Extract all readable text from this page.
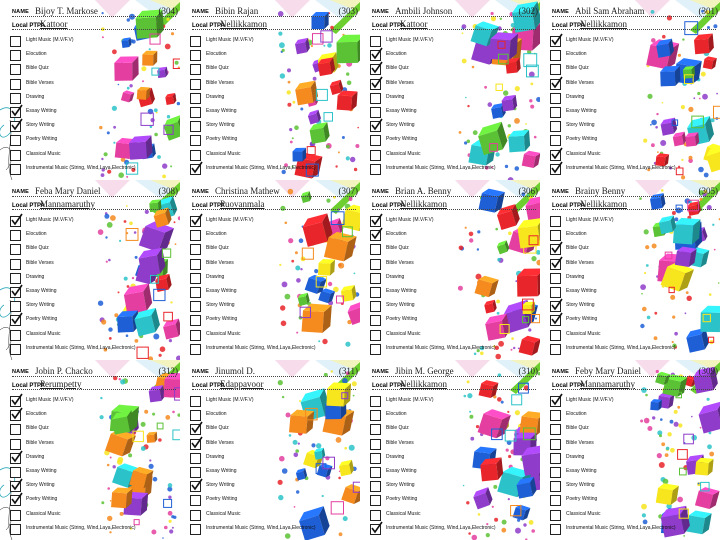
NAME Bijoy T. Markose	(304)
Local PTPA
Kattoor
Light Music (M.V/F.V)
Elocution
Bible Quiz
Bible Verses
Drawing
Essay Writing
Story Writing
Poetry Writing
Classical Music
Instrumental Music (String, Wind,Laya,Electronic)
NAME Bibin Rajan	(303)
Local PTPA
Nellikkamon
Light Music (M.V/F.V)
Elocution
Bible Quiz
Bible Verses
Drawing
Essay Writing
Story Writing
Poetry Writing
Classical Music
Instrumental Music (String, Wind,Laya,Electronic)
NAME Ambili Johnson	(302)
Local PTPA
Kattoor
Light Music (M.V/F.V)
Elocution
Bible Quiz
Bible Verses
Drawing
Essay Writing
Story Writing
Poetry Writing
Classical Music
Instrumental Music (String, Wind,Laya,Electronic)
NAME Abil Sam Abraham	(301)
Local PTPA
Nellikkamon
Light Music (M.V/F.V)
Elocution
Bible Quiz
Bible Verses
Drawing
Essay Writing
Story Writing
Poetry Writing
Classical Music
Instrumental Music (String, Wind,Laya,Electronic)
NAME Feba Mary Daniel	(308)
Local PTPA
Mannamaruthy
Light Music (M.V/F.V)
Elocution
Bible Quiz
Bible Verses
Drawing
Essay Writing
Story Writing
Poetry Writing
Classical Music
Instrumental Music (String, Wind,Laya,Electronic)
NAME Christina Mathew	(307)
Local PTPA
Puovanmala
Light Music (M.V/F.V)
Elocution
Bible Quiz
Bible Verses
Drawing
Essay Writing
Story Writing
Poetry Writing
Classical Music
Instrumental Music (String, Wind,Laya,Electronic)
NAME Brian A. Benny	(306)
Local PTPA
Nellikkamon
Light Music (M.V/F.V)
Elocution
Bible Quiz
Bible Verses
Drawing
Essay Writing
Story Writing
Poetry Writing
Classical Music
Instrumental Music (String, Wind,Laya,Electronic)
NAME Brainy Benny	(305)
Local PTPA
Nellikkamon
Light Music (M.V/F.V)
Elocution
Bible Quiz
Bible Verses
Drawing
Essay Writing
Story Writing
Poetry Writing
Classical Music
Instrumental Music (String, Wind,Laya,Electronic)
NAME Jobin P. Chacko	(312)
Local PTPA
Perumpetty
Light Music (M.V/F.V)
Elocution
Bible Quiz
Bible Verses
Drawing
Essay Writing
Story Writing
Poetry Writing
Classical Music
Instrumental Music (String, Wind,Laya,Electronic)
NAME Jinumol D.	(311)
Local PTPA
Edappavoor
Light Music (M.V/F.V)
Elocution
Bible Quiz
Bible Verses
Drawing
Essay Writing
Story Writing
Poetry Writing
Classical Music
Instrumental Music (String, Wind,Laya,Electronic)
NAME Jibin M. George	(310)
Local PTPA
Nellikkamon
Light Music (M.V/F.V)
Elocution
Bible Quiz
Bible Verses
Drawing
Essay Writing
Story Writing
Poetry Writing
Classical Music
Instrumental Music (String, Wind,Laya,Electronic)
NAME Feby Mary Daniel	(309)
Local PTPA
Mannamaruthy
Light Music (M.V/F.V)
Elocution
Bible Quiz
Bible Verses
Drawing
Essay Writing
Story Writing
Poetry Writing
Classical Music
Instrumental Music (String, Wind,Laya,Electronic)
